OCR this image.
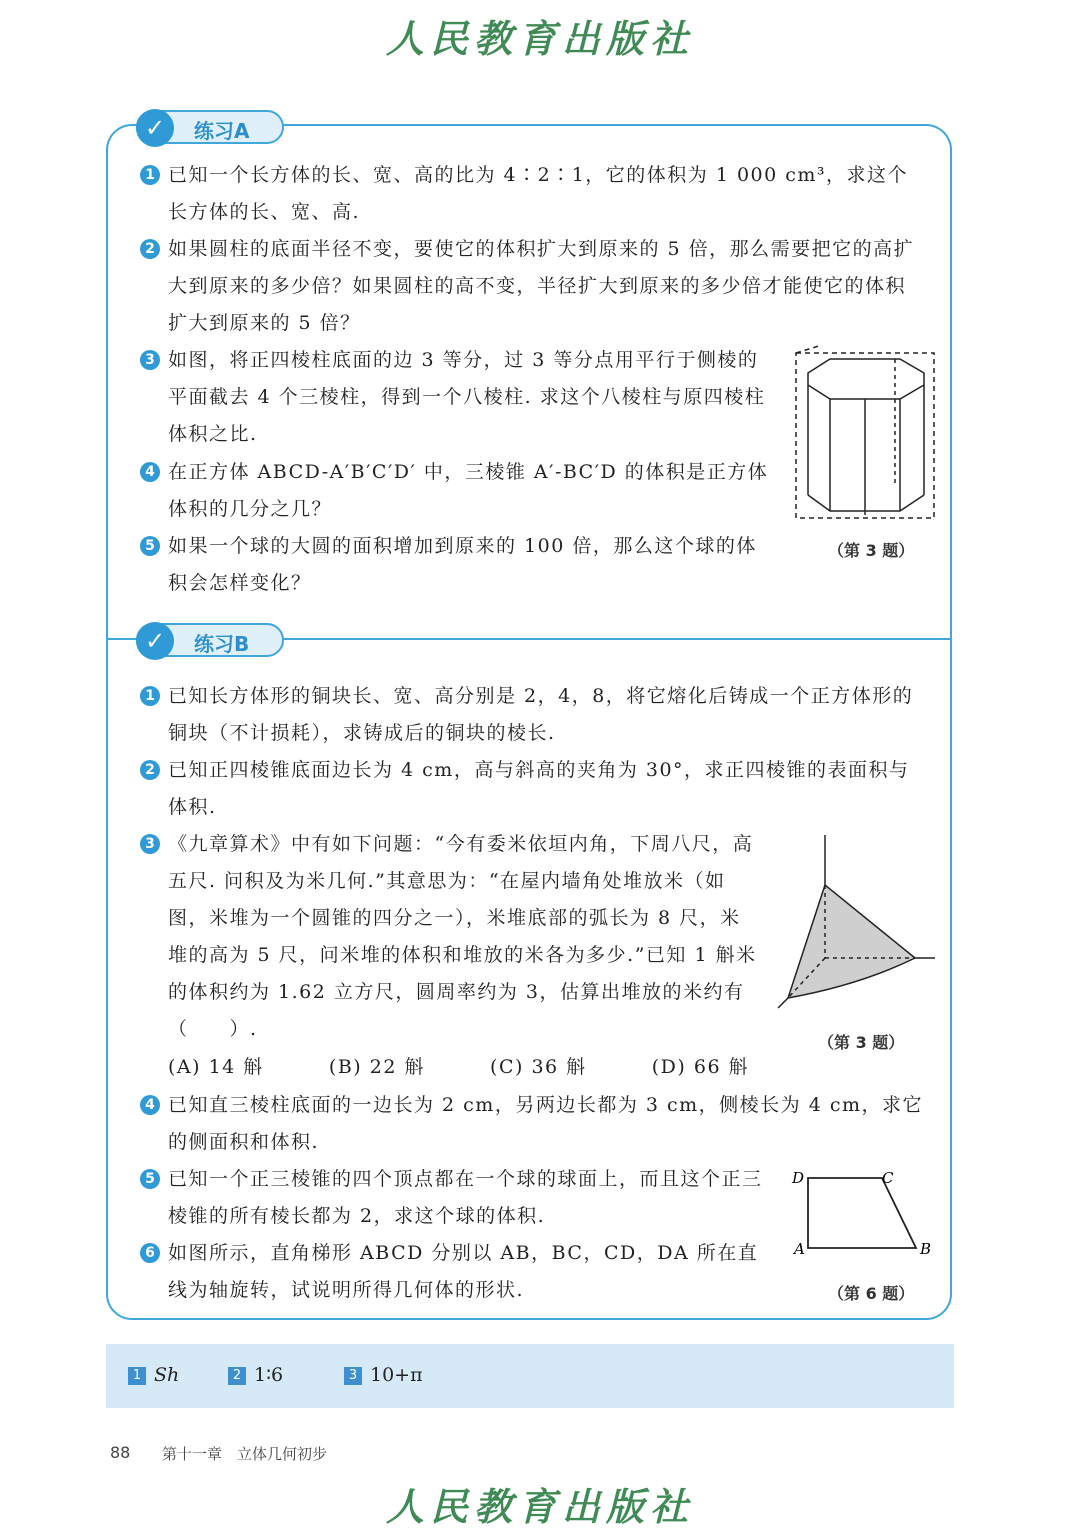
人民教育出版社
✓	练习A
1 已知一个长方体的长、宽、高的比为 4∶2∶1，它的体积为 1 000 cm³，求这个长方体的长、宽、高.
2 如果圆柱的底面半径不变，要使它的体积扩大到原来的 5 倍，那么需要把它的高扩大到原来的多少倍？如果圆柱的高不变，半径扩大到原来的多少倍才能使它的体积扩大到原来的 5 倍？
3 如图，将正四棱柱底面的边 3 等分，过 3 等分点用平行于侧棱的平面截去 4 个三棱柱，得到一个八棱柱. 求这个八棱柱与原四棱柱体积之比.
4 在正方体 ABCD-A′B′C′D′ 中，三棱锥 A′-BC′D 的体积是正方体体积的几分之几？
5 如果一个球的大圆的面积增加到原来的 100 倍，那么这个球的体积会怎样变化？
（第 3 题）
✓	练习B
1 已知长方体形的铜块长、宽、高分别是 2，4，8，将它熔化后铸成一个正方体形的铜块（不计损耗），求铸成后的铜块的棱长.
2 已知正四棱锥底面边长为 4 cm，高与斜高的夹角为 30°，求正四棱锥的表面积与体积.
3 《九章算术》中有如下问题：“今有委米依垣内角，下周八尺，高五尺. 问积及为米几何.”其意思为：“在屋内墙角处堆放米（如图，米堆为一个圆锥的四分之一），米堆底部的弧长为 8 尺，米堆的高为 5 尺，问米堆的体积和堆放的米各为多少.”已知 1 斛米的体积约为 1.62 立方尺，圆周率约为 3，估算出堆放的米约有（　　）.
(A) 14 斛	(B) 22 斛	(C) 36 斛	(D) 66 斛
4 已知直三棱柱底面的一边长为 2 cm，另两边长都为 3 cm，侧棱长为 4 cm，求它的侧面积和体积.
5 已知一个正三棱锥的四个顶点都在一个球的球面上，而且这个正三棱锥的所有棱长都为 2，求这个球的体积.
6 如图所示，直角梯形 ABCD 分别以 AB，BC，CD，DA 所在直线为轴旋转，试说明所得几何体的形状.
（第 3 题）
D	C
A	B
（第 6 题）
1 Sh	2 1∶6	3 10+π
88 第十一章　立体几何初步
人民教育出版社
